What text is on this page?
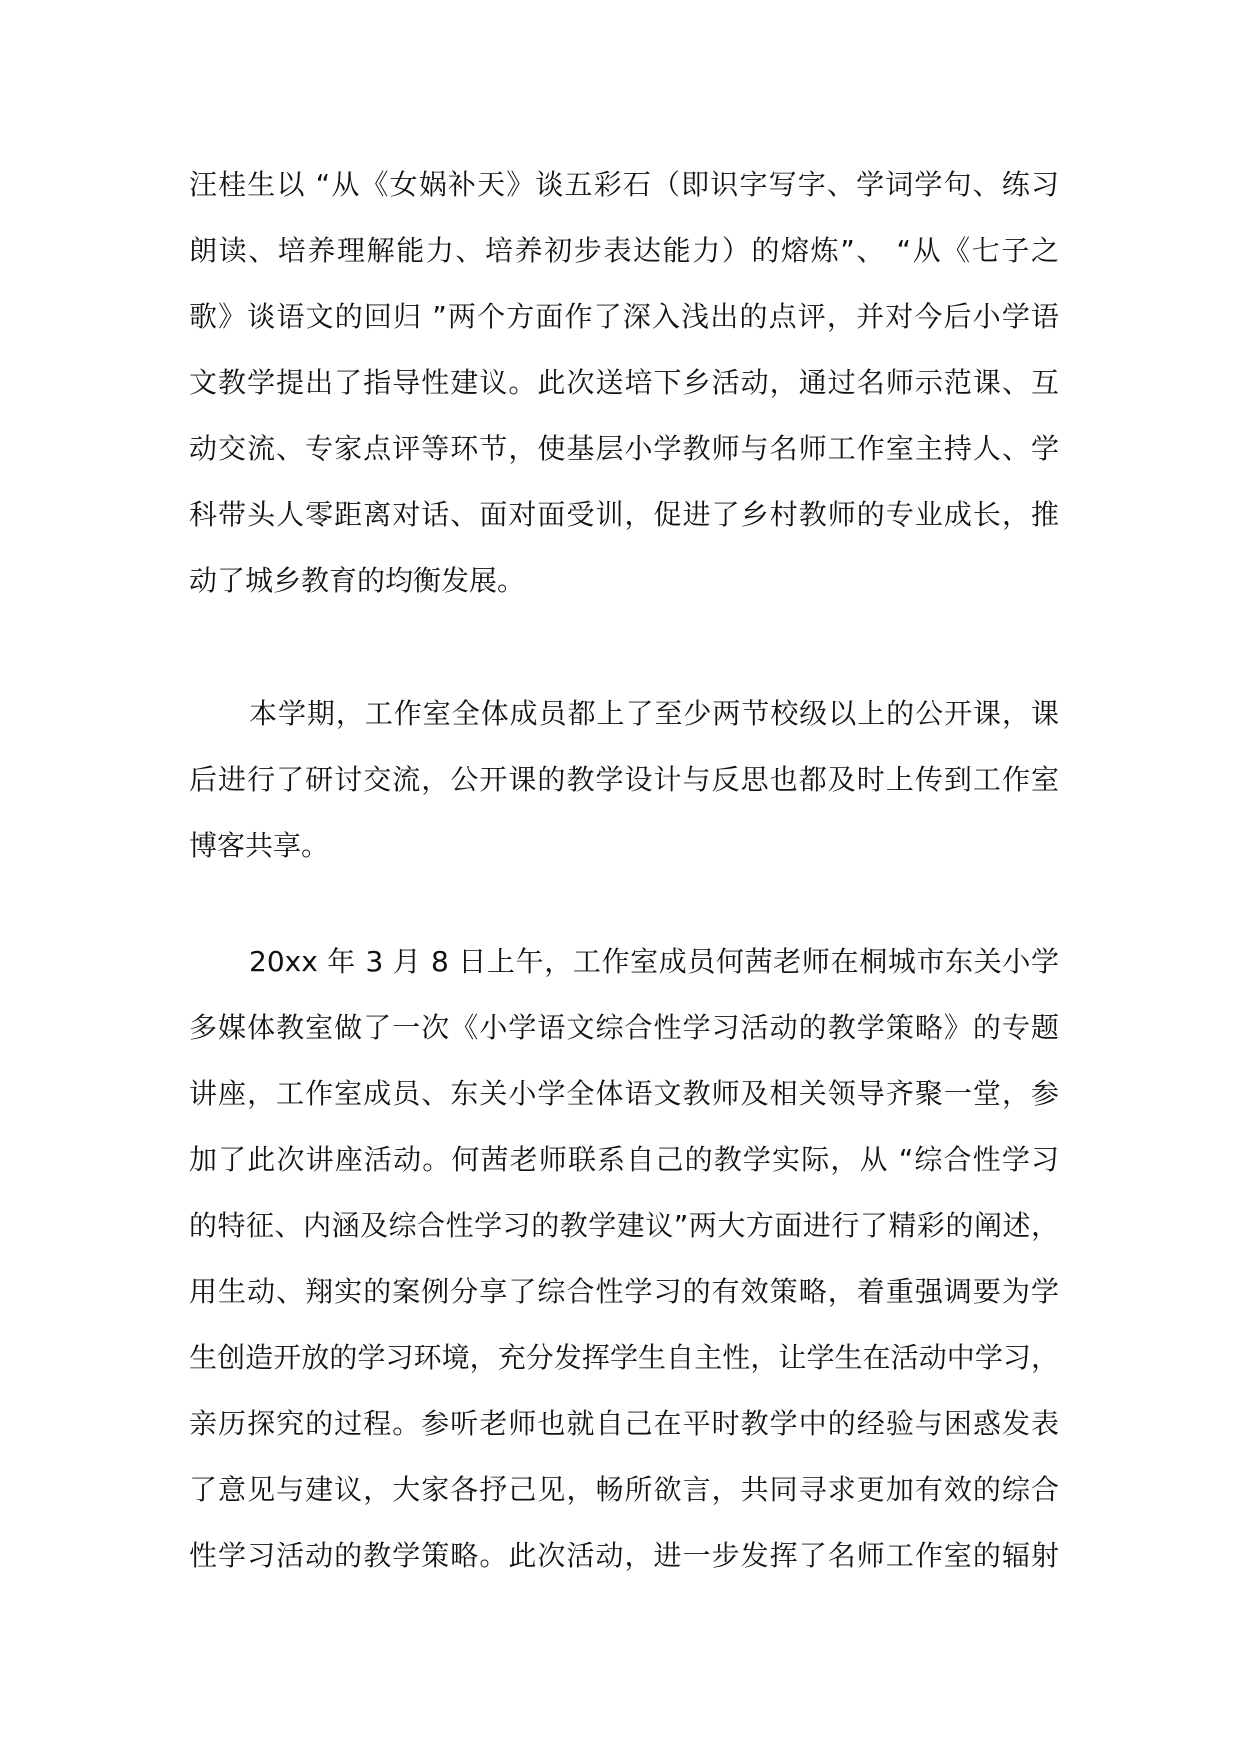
汪桂生以 “从《女娲补天》谈五彩石（即识字写字、学词学句、练习
朗读、培养理解能力、培养初步表达能力）的熔炼”、 “从《七子之
歌》谈语文的回归 ”两个方面作了深入浅出的点评，并对今后小学语
文教学提出了指导性建议。此次送培下乡活动，通过名师示范课、互
动交流、专家点评等环节，使基层小学教师与名师工作室主持人、学
科带头人零距离对话、面对面受训，促进了乡村教师的专业成长，推
动了城乡教育的均衡发展。
本学期，工作室全体成员都上了至少两节校级以上的公开课，课
后进行了研讨交流，公开课的教学设计与反思也都及时上传到工作室
博客共享。
20xx 年 3 月 8 日上午，工作室成员何茜老师在桐城市东关小学
多媒体教室做了一次《小学语文综合性学习活动的教学策略》的专题
讲座，工作室成员、东关小学全体语文教师及相关领导齐聚一堂，参
加了此次讲座活动。何茜老师联系自己的教学实际，从 “综合性学习
的特征、内涵及综合性学习的教学建议”两大方面进行了精彩的阐述，
用生动、翔实的案例分享了综合性学习的有效策略，着重强调要为学
生创造开放的学习环境，充分发挥学生自主性，让学生在活动中学习，
亲历探究的过程。参听老师也就自己在平时教学中的经验与困惑发表
了意见与建议，大家各抒己见，畅所欲言，共同寻求更加有效的综合
性学习活动的教学策略。此次活动，进一步发挥了名师工作室的辐射
